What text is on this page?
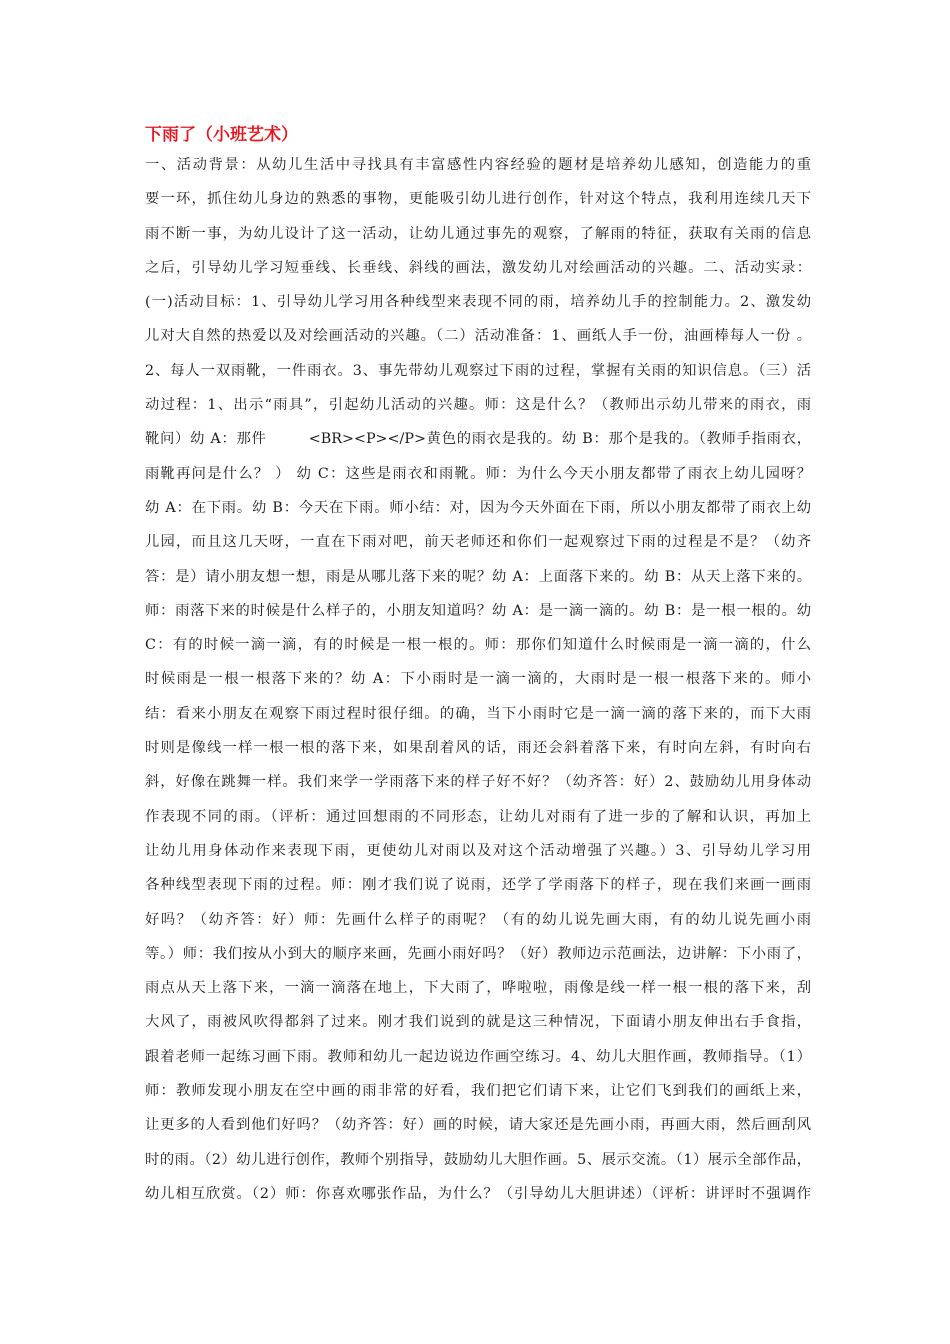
下雨了（小班艺术）
一、活动背景：从幼儿生活中寻找具有丰富感性内容经验的题材是培养幼儿感知，创造能力的重
要一环，抓住幼儿身边的熟悉的事物，更能吸引幼儿进行创作，针对这个特点，我利用连续几天下
雨不断一事，为幼儿设计了这一活动，让幼儿通过事先的观察，了解雨的特征，获取有关雨的信息
之后，引导幼儿学习短垂线、长垂线、斜线的画法，激发幼儿对绘画活动的兴趣。二、活动实录：
(一)活动目标：1、引导幼儿学习用各种线型来表现不同的雨，培养幼儿手的控制能力。2、激发幼
儿对大自然的热爱以及对绘画活动的兴趣。（二）活动准备：1、画纸人手一份，油画棒每人一份 。
2、每人一双雨靴，一件雨衣。3、事先带幼儿观察过下雨的过程，掌握有关雨的知识信息。（三）活
动过程：1、出示“雨具”，引起幼儿活动的兴趣。师：这是什么？（教师出示幼儿带来的雨衣，雨
靴问）幼 A：那件        <BR><P></P>黄色的雨衣是我的。幼 B：那个是我的。（教师手指雨衣，
雨靴再问是什么？ ） 幼 C：这些是雨衣和雨靴。师：为什么今天小朋友都带了雨衣上幼儿园呀？
幼 A：在下雨。幼 B：今天在下雨。师小结：对，因为今天外面在下雨，所以小朋友都带了雨衣上幼
儿园，而且这几天呀，一直在下雨对吧，前天老师还和你们一起观察过下雨的过程是不是？（幼齐
答：是）请小朋友想一想，雨是从哪儿落下来的呢？幼 A：上面落下来的。幼 B：从天上落下来的。
师：雨落下来的时候是什么样子的，小朋友知道吗？幼 A：是一滴一滴的。幼 B：是一根一根的。幼
C：有的时候一滴一滴，有的时候是一根一根的。师：那你们知道什么时候雨是一滴一滴的，什么
时候雨是一根一根落下来的？幼 A：下小雨时是一滴一滴的，大雨时是一根一根落下来的。师小
结：看来小朋友在观察下雨过程时很仔细。的确，当下小雨时它是一滴一滴的落下来的，而下大雨
时则是像线一样一根一根的落下来，如果刮着风的话，雨还会斜着落下来，有时向左斜，有时向右
斜，好像在跳舞一样。我们来学一学雨落下来的样子好不好？（幼齐答：好）2、鼓励幼儿用身体动
作表现不同的雨。（评析：通过回想雨的不同形态，让幼儿对雨有了进一步的了解和认识，再加上
让幼儿用身体动作来表现下雨，更使幼儿对雨以及对这个活动增强了兴趣。）3、引导幼儿学习用
各种线型表现下雨的过程。师：刚才我们说了说雨，还学了学雨落下的样子，现在我们来画一画雨
好吗？（幼齐答：好）师：先画什么样子的雨呢？（有的幼儿说先画大雨，有的幼儿说先画小雨
等。）师：我们按从小到大的顺序来画，先画小雨好吗？（好）教师边示范画法，边讲解：下小雨了，
雨点从天上落下来，一滴一滴落在地上，下大雨了，哗啦啦，雨像是线一样一根一根的落下来，刮
大风了，雨被风吹得都斜了过来。刚才我们说到的就是这三种情况，下面请小朋友伸出右手食指，
跟着老师一起练习画下雨。教师和幼儿一起边说边作画空练习。4、幼儿大胆作画，教师指导。（1）
师：教师发现小朋友在空中画的雨非常的好看，我们把它们请下来，让它们飞到我们的画纸上来，
让更多的人看到他们好吗？（幼齐答：好）画的时候，请大家还是先画小雨，再画大雨，然后画刮风
时的雨。（2）幼儿进行创作，教师个别指导，鼓励幼儿大胆作画。5、展示交流。（1）展示全部作品，
幼儿相互欣赏。（2）师：你喜欢哪张作品，为什么？（引导幼儿大胆讲述）（评析：讲评时不强调作
